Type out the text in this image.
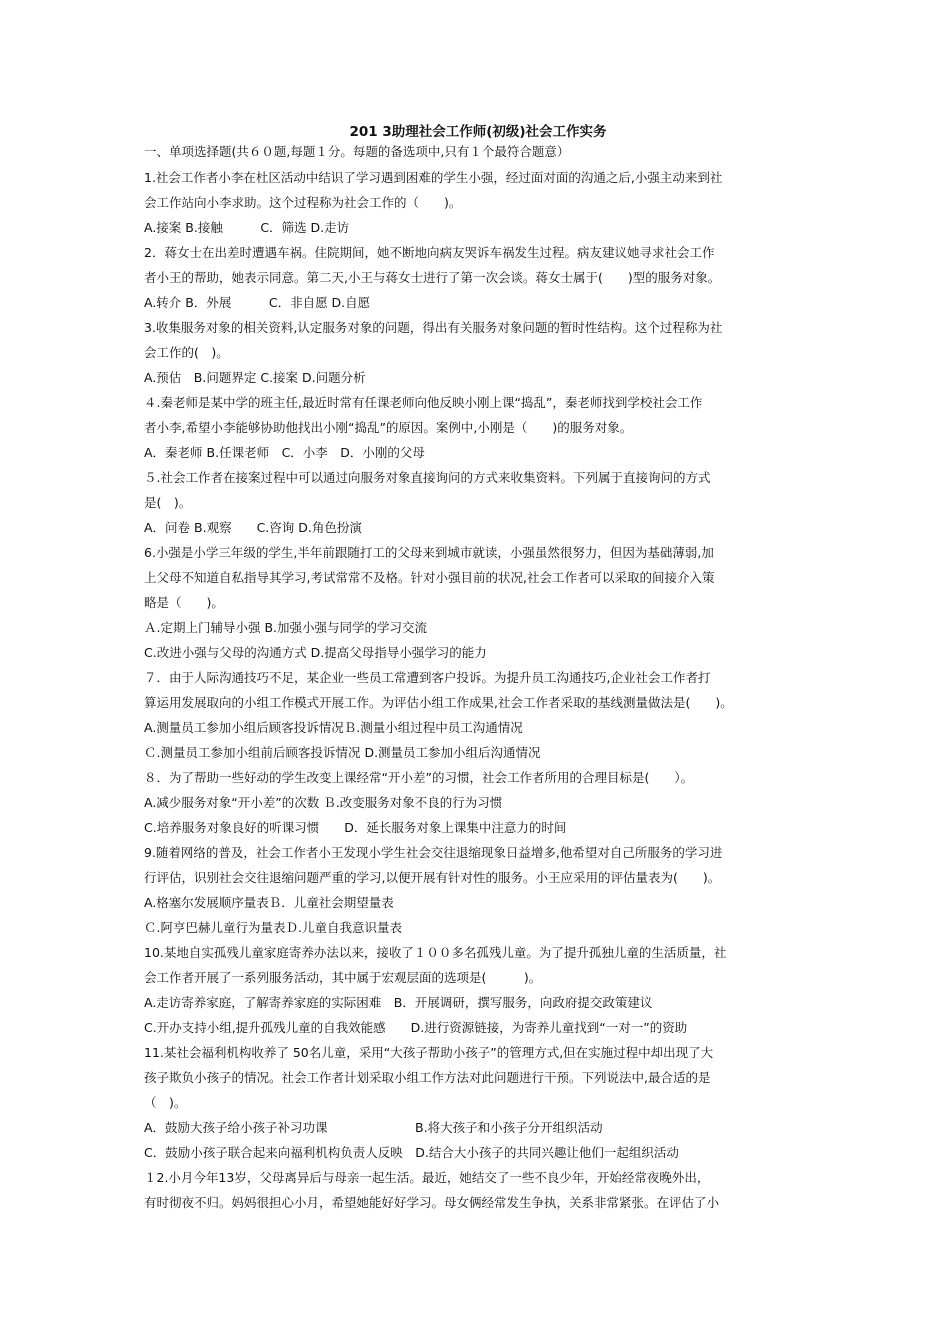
201 3助理社会工作师(初级)社会工作实务
一、单项选择题(共６０题,每题１分。每题的备选项中,只有１个最符合题意）
1.社会工作者小李在杜区活动中结识了学习遇到困难的学生小强，经过面对面的沟通之后,小强主动来到社
会工作站向小李求助。这个过程称为社会工作的（　　)。
A.接案 B.接触　　　C．筛选 D.走访
2．蒋女士在出差时遭遇车祸。住院期间，她不断地向病友哭诉车祸发生过程。病友建议她寻求社会工作
者小王的帮助，她表示同意。第二天,小王与蒋女士进行了第一次会谈。蒋女士属于(　　)型的服务对象。
A.转介 B．外展　　　C．非自愿 D.自愿
3.收集服务对象的相关资料,认定服务对象的问题，得出有关服务对象问题的暂时性结构。这个过程称为社
会工作的(　)。
A.预估　B.问题界定 C.接案 D.问题分析
４.秦老师是某中学的班主任,最近时常有任课老师向他反映小刚上课“捣乱”，秦老师找到学校社会工作
者小李,希望小李能够协助他找出小刚“捣乱”的原因。案例中,小刚是（　　)的服务对象。
A．秦老师 B.任课老师　C．小李　D．小刚的父母
５.社会工作者在接案过程中可以通过向服务对象直接询问的方式来收集资料。下列属于直接询问的方式
是(　)。
A．问卷 B.观察　　C.咨询 D.角色扮演
6.小强是小学三年级的学生,半年前跟随打工的父母来到城市就读，小强虽然很努力，但因为基础薄弱,加
上父母不知道自私指导其学习,考试常常不及格。针对小强目前的状况,社会工作者可以采取的间接介入策
略是（　　)。
Ａ.定期上门辅导小强 B.加强小强与同学的学习交流
C.改进小强与父母的沟通方式 D.提高父母指导小强学习的能力
７．由于人际沟通技巧不足，某企业一些员工常遭到客户投诉。为提升员工沟通技巧,企业社会工作者打
算运用发展取向的小组工作模式开展工作。为评估小组工作成果,社会工作者采取的基线测量做法是(　　)。
A.测量员工参加小组后顾客投诉情况Ｂ.测量小组过程中员工沟通情况
Ｃ.测量员工参加小组前后顾客投诉情况 D.测量员工参加小组后沟通情况
８．为了帮助一些好动的学生改变上课经常“开小差”的习惯，社会工作者所用的合理目标是(　　）。
A.减少服务对象“开小差”的次数 Ｂ.改变服务对象不良的行为习惯
C.培养服务对象良好的听课习惯　　D．延长服务对象上课集中注意力的时间
9.随着网络的普及，社会工作者小王发现小学生社会交往退缩现象日益增多,他希望对自己所服务的学习进
行评估，识别社会交往退缩问题严重的学习,以便开展有针对性的服务。小王应采用的评估量表为(　　)。
A.格塞尔发展顺序量表Ｂ．儿童社会期望量表
Ｃ.阿亨巴赫儿童行为量表Ｄ.儿童自我意识量表
10.某地自实孤残儿童家庭寄养办法以来，接收了１００多名孤残儿童。为了提升孤独儿童的生活质量，社
会工作者开展了一系列服务活动，其中属于宏观层面的选项是(　　　)。
A.走访寄养家庭，了解寄养家庭的实际困难　B．开展调研，撰写服务，向政府提交政策建议
C.开办支持小组,提升孤残儿童的自我效能感　　D.进行资源链接，为寄养儿童找到“一对一”的资助
11.某社会福利机构收养了 50名儿童，采用“大孩子帮助小孩子”的管理方式,但在实施过程中却出现了大
孩子欺负小孩子的情况。社会工作者计划采取小组工作方法对此问题进行干预。下列说法中,最合适的是
（　)。
A．鼓励大孩子给小孩子补习功课　　　　　　　B.将大孩子和小孩子分开组织活动
C．鼓励小孩子联合起来向福利机构负责人反映　D.结合大小孩子的共同兴趣让他们一起组织活动
１2.小月今年13岁，父母离异后与母亲一起生活。最近，她结交了一些不良少年，开始经常夜晚外出，
有时彻夜不归。妈妈很担心小月，希望她能好好学习。母女俩经常发生争执，关系非常紧张。在评估了小
